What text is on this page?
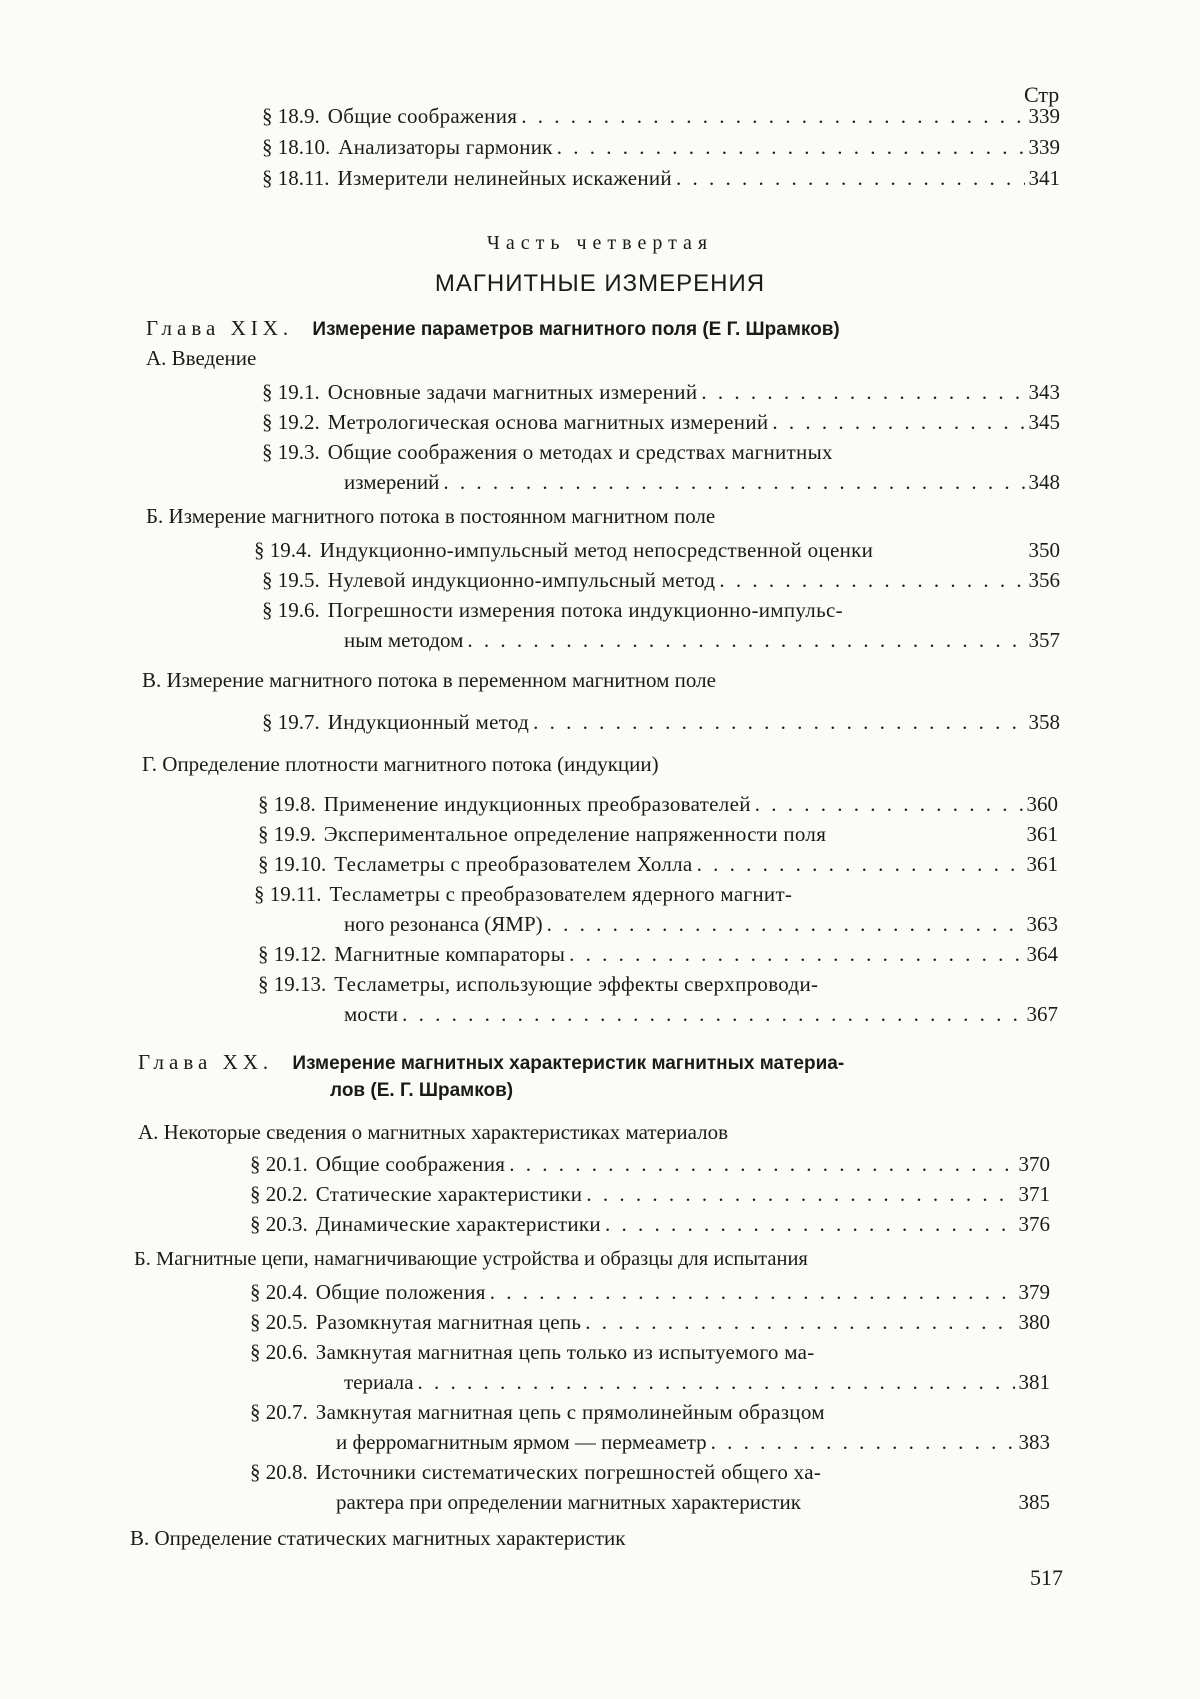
Стр
§ 18.9. Общие соображения . . .	339
§ 18.10. Анализаторы гармоник . . .	339
§ 18.11. Измерители нелинейных искажений . . .	341
Часть четвертая
МАГНИТНЫЕ ИЗМЕРЕНИЯ
Глава XIX. Измерение параметров магнитного поля (Е Г. Шрамков)
А. Введение
§ 19.1. Основные задачи магнитных измерений . . .	343
§ 19.2. Метрологическая основа магнитных измерений . . .	345
§ 19.3. Общие соображения о методах и средствах магнитных
измерений . . .	348
Б. Измерение магнитного потока в постоянном магнитном поле
§ 19.4. Индукционно-импульсный метод непосредственной оценки	350
§ 19.5. Нулевой индукционно-импульсный метод . . .	356
§ 19.6. Погрешности измерения потока индукционно-импульс-
ным методом . . .	357
В. Измерение магнитного потока в переменном магнитном поле
§ 19.7. Индукционный метод . . .	358
Г. Определение плотности магнитного потока (индукции)
§ 19.8. Применение индукционных преобразователей . . .	360
§ 19.9. Экспериментальное определение напряженности поля	361
§ 19.10. Тесламетры с преобразователем Холла . . .	361
§ 19.11. Тесламетры с преобразователем ядерного магнит-
ного резонанса (ЯМР) . . .	363
§ 19.12. Магнитные компараторы . . .	364
§ 19.13. Тесламетры, использующие эффекты сверхпроводи-
мости . . .	367
Глава XX. Измерение магнитных характеристик магнитных материа-
лов (Е. Г. Шрамков)
А. Некоторые сведения о магнитных характеристиках материалов
§ 20.1. Общие соображения . . .	370
§ 20.2. Статические характеристики . . .	371
§ 20.3. Динамические характеристики . . .	376
Б. Магнитные цепи, намагничивающие устройства и образцы для испытания
§ 20.4. Общие положения . . .	379
§ 20.5. Разомкнутая магнитная цепь . . .	380
§ 20.6. Замкнутая магнитная цепь только из испытуемого ма-
териала . . .	381
§ 20.7. Замкнутая магнитная цепь с прямолинейным образцом
и ферромагнитным ярмом — пермеаметр . . .	383
§ 20.8. Источники систематических погрешностей общего ха-
рактера при определении магнитных характеристик	385
В. Определение статических магнитных характеристик
517
